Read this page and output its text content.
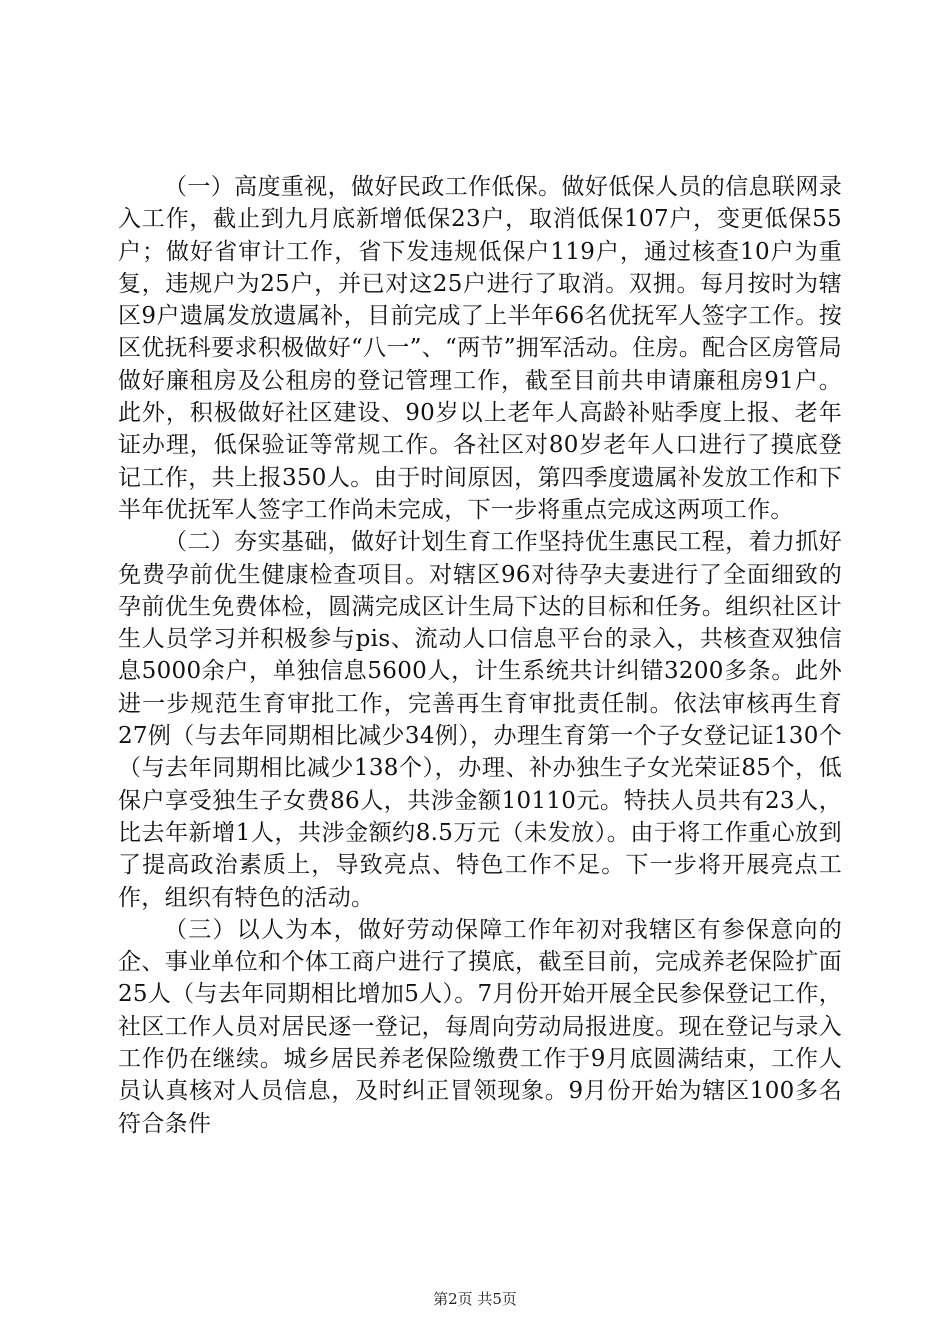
（一）高度重视，做好民政工作低保。做好低保人员的信息联网录入工作，截止到九月底新增低保23户，取消低保107户，变更低保55户；做好省审计工作，省下发违规低保户119户，通过核查10户为重复，违规户为25户，并已对这25户进行了取消。双拥。每月按时为辖区9户遗属发放遗属补，目前完成了上半年66名优抚军人签字工作。按区优抚科要求积极做好“八一”、“两节”拥军活动。住房。配合区房管局做好廉租房及公租房的登记管理工作，截至目前共申请廉租房91户。此外，积极做好社区建设、90岁以上老年人高龄补贴季度上报、老年证办理，低保验证等常规工作。各社区对80岁老年人口进行了摸底登记工作，共上报350人。由于时间原因，第四季度遗属补发放工作和下半年优抚军人签字工作尚未完成，下一步将重点完成这两项工作。

（二）夯实基础，做好计划生育工作坚持优生惠民工程，着力抓好免费孕前优生健康检查项目。对辖区96对待孕夫妻进行了全面细致的孕前优生免费体检，圆满完成区计生局下达的目标和任务。组织社区计生人员学习并积极参与pis、流动人口信息平台的录入，共核查双独信息5000余户，单独信息5600人，计生系统共计纠错3200多条。此外进一步规范生育审批工作，完善再生育审批责任制。依法审核再生育27例（与去年同期相比减少34例），办理生育第一个子女登记证130个（与去年同期相比减少138个），办理、补办独生子女光荣证85个，低保户享受独生子女费86人，共涉金额10110元。特扶人员共有23人，比去年新增1人，共涉金额约8.5万元（未发放）。由于将工作重心放到了提高政治素质上，导致亮点、特色工作不足。下一步将开展亮点工作，组织有特色的活动。

（三）以人为本，做好劳动保障工作年初对我辖区有参保意向的企、事业单位和个体工商户进行了摸底，截至目前，完成养老保险扩面25人（与去年同期相比增加5人）。7月份开始开展全民参保登记工作，社区工作人员对居民逐一登记，每周向劳动局报进度。现在登记与录入工作仍在继续。城乡居民养老保险缴费工作于9月底圆满结束，工作人员认真核对人员信息，及时纠正冒领现象。9月份开始为辖区100多名符合条件

第2页 共5页
